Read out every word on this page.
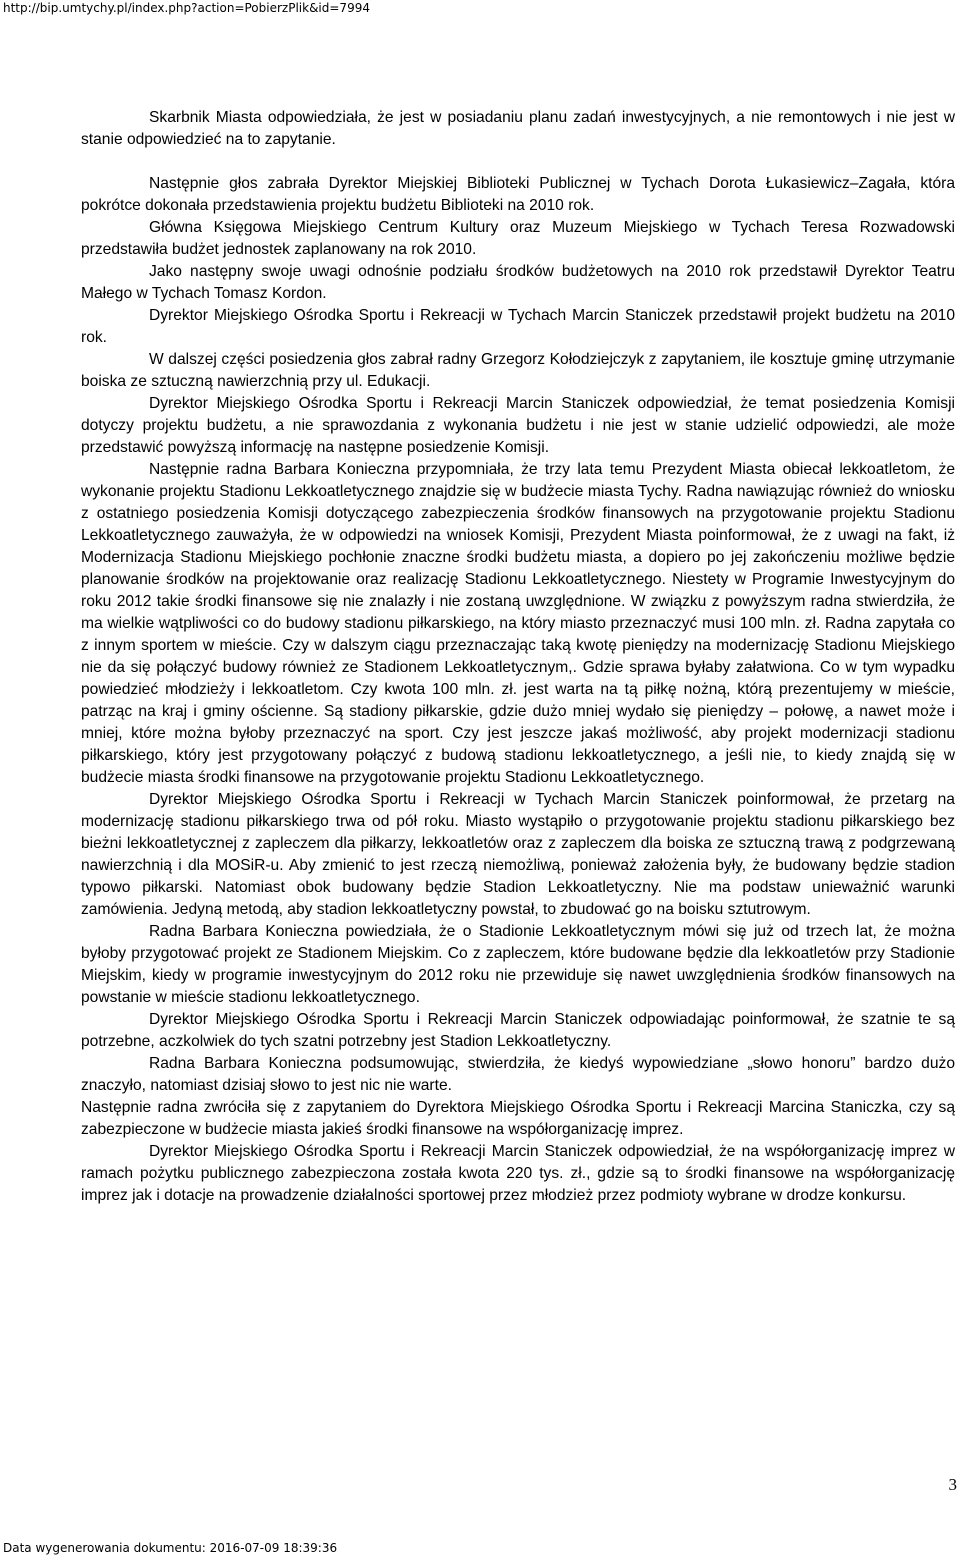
http://bip.umtychy.pl/index.php?action=PobierzPlik&id=7994

Skarbnik Miasta odpowiedziała, że jest w posiadaniu planu zadań inwestycyjnych, a nie remontowych i nie jest w stanie odpowiedzieć na to zapytanie.

Następnie głos zabrała Dyrektor Miejskiej Biblioteki Publicznej w Tychach Dorota Łukasiewicz–Zagała, która pokrótce dokonała przedstawienia projektu budżetu Biblioteki na 2010 rok.

Główna Księgowa Miejskiego Centrum Kultury oraz Muzeum Miejskiego w Tychach Teresa Rozwadowski przedstawiła budżet jednostek zaplanowany na rok 2010.

Jako następny swoje uwagi odnośnie podziału środków budżetowych na 2010 rok przedstawił Dyrektor Teatru Małego w Tychach Tomasz Kordon.

Dyrektor Miejskiego Ośrodka Sportu i Rekreacji w Tychach Marcin Staniczek przedstawił projekt budżetu na 2010 rok.

W dalszej części posiedzenia głos zabrał radny Grzegorz Kołodziejczyk z zapytaniem, ile kosztuje gminę utrzymanie boiska ze sztuczną nawierzchnią przy ul. Edukacji.

Dyrektor Miejskiego Ośrodka Sportu i Rekreacji Marcin Staniczek odpowiedział, że temat posiedzenia Komisji dotyczy projektu budżetu, a nie sprawozdania z wykonania budżetu i nie jest w stanie udzielić odpowiedzi, ale może przedstawić powyższą informację na następne posiedzenie Komisji.

Następnie radna Barbara Konieczna przypomniała, że trzy lata temu Prezydent Miasta obiecał lekkoatletom, że wykonanie projektu Stadionu Lekkoatletycznego znajdzie się w budżecie miasta Tychy. Radna nawiązując również do wniosku z ostatniego posiedzenia Komisji dotyczącego zabezpieczenia środków finansowych na przygotowanie projektu Stadionu Lekkoatletycznego zauważyła, że w odpowiedzi na wniosek Komisji, Prezydent Miasta poinformował, że z uwagi na fakt, iż Modernizacja Stadionu Miejskiego pochłonie znaczne środki budżetu miasta, a dopiero po jej zakończeniu możliwe będzie planowanie środków na projektowanie oraz realizację Stadionu Lekkoatletycznego. Niestety w Programie Inwestycyjnym do roku 2012 takie środki finansowe się nie znalazły i nie zostaną uwzględnione. W związku z powyższym radna stwierdziła, że ma wielkie wątpliwości co do budowy stadionu piłkarskiego, na który miasto przeznaczyć musi 100 mln. zł. Radna zapytała co z innym sportem w mieście. Czy w dalszym ciągu przeznaczając taką kwotę pieniędzy na modernizację Stadionu Miejskiego nie da się połączyć budowy również ze Stadionem Lekkoatletycznym,. Gdzie sprawa byłaby załatwiona. Co w tym wypadku powiedzieć młodzieży i lekkoatletom. Czy kwota 100 mln. zł. jest warta na tą piłkę nożną, którą prezentujemy w mieście, patrząc na kraj i gminy ościenne. Są stadiony piłkarskie, gdzie dużo mniej wydało się pieniędzy – połowę, a nawet może i mniej, które można byłoby przeznaczyć na sport. Czy jest jeszcze jakaś możliwość, aby projekt modernizacji stadionu piłkarskiego, który jest przygotowany połączyć z budową stadionu lekkoatletycznego, a jeśli nie, to kiedy znajdą się w budżecie miasta środki finansowe na przygotowanie projektu Stadionu Lekkoatletycznego.

Dyrektor Miejskiego Ośrodka Sportu i Rekreacji w Tychach Marcin Staniczek poinformował, że przetarg na modernizację stadionu piłkarskiego trwa od pół roku. Miasto wystąpiło o przygotowanie projektu stadionu piłkarskiego bez bieżni lekkoatletycznej z zapleczem dla piłkarzy, lekkoatletów oraz z zapleczem dla boiska ze sztuczną trawą z podgrzewaną nawierzchnią i dla MOSiR-u. Aby zmienić to jest rzeczą niemożliwą, ponieważ założenia były, że budowany będzie stadion typowo piłkarski. Natomiast obok budowany będzie Stadion Lekkoatletyczny. Nie ma podstaw unieważnić warunki zamówienia. Jedyną metodą, aby stadion lekkoatletyczny powstał, to zbudować go na boisku sztutrowym.

Radna Barbara Konieczna powiedziała, że o Stadionie Lekkoatletycznym mówi się już od trzech lat, że można byłoby przygotować projekt ze Stadionem Miejskim. Co z zapleczem, które budowane będzie dla lekkoatletów przy Stadionie Miejskim, kiedy w programie inwestycyjnym do 2012 roku nie przewiduje się nawet uwzględnienia środków finansowych na powstanie w mieście stadionu lekkoatletycznego.

Dyrektor Miejskiego Ośrodka Sportu i Rekreacji Marcin Staniczek odpowiadając poinformował, że szatnie te są potrzebne, aczkolwiek do tych szatni potrzebny jest Stadion Lekkoatletyczny.

Radna Barbara Konieczna podsumowując, stwierdziła, że kiedyś wypowiedziane „słowo honoru” bardzo dużo znaczyło, natomiast dzisiaj słowo to jest nic nie warte.

Następnie radna zwróciła się z zapytaniem do Dyrektora Miejskiego Ośrodka Sportu i Rekreacji Marcina Staniczka, czy są zabezpieczone w budżecie miasta jakieś środki finansowe na współorganizację imprez.

Dyrektor Miejskiego Ośrodka Sportu i Rekreacji Marcin Staniczek odpowiedział, że na współorganizację imprez w ramach pożytku publicznego zabezpieczona została kwota 220 tys. zł., gdzie są to środki finansowe na współorganizację imprez jak i dotacje na prowadzenie działalności sportowej przez młodzież przez podmioty wybrane w drodze konkursu.

3
Data wygenerowania dokumentu: 2016-07-09 18:39:36
